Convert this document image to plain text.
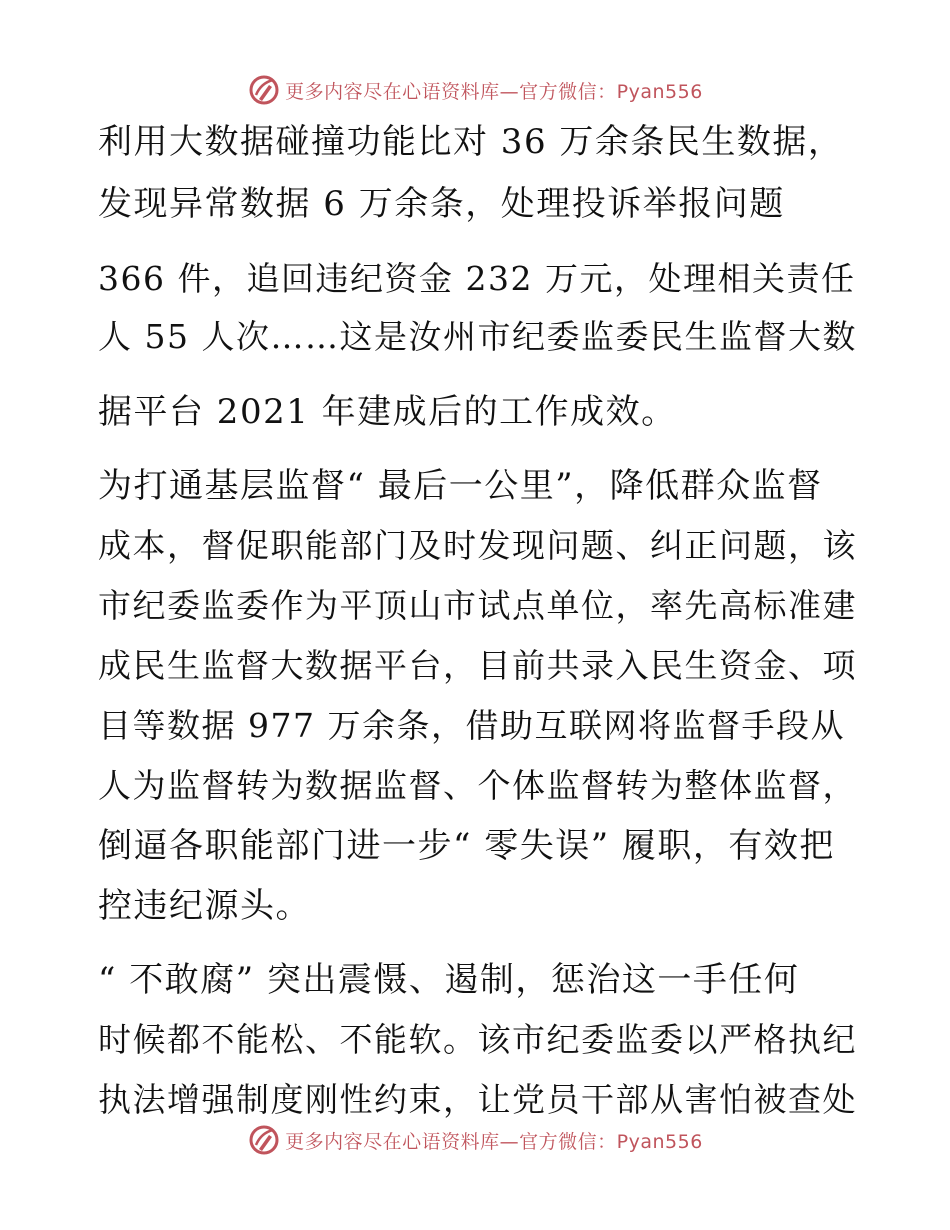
更多内容尽在心语资料库—官方微信：Pyan556
利用大数据碰撞功能比对 36 万余条民生数据，
发现异常数据 6 万余条，处理投诉举报问题
366 件，追回违纪资金 232 万元，处理相关责任
人 55 人次……这是汝州市纪委监委民生监督大数
据平台 2021 年建成后的工作成效。
为打通基层监督“ 最后一公里”，降低群众监督
成本，督促职能部门及时发现问题、纠正问题，该
市纪委监委作为平顶山市试点单位，率先高标准建
成民生监督大数据平台，目前共录入民生资金、项
目等数据 977 万余条，借助互联网将监督手段从
人为监督转为数据监督、个体监督转为整体监督，
倒逼各职能部门进一步“ 零失误” 履职，有效把
控违纪源头。
“ 不敢腐” 突出震慑、遏制，惩治这一手任何
时候都不能松、不能软。该市纪委监委以严格执纪
执法增强制度刚性约束，让党员干部从害怕被查处
更多内容尽在心语资料库—官方微信：Pyan556
